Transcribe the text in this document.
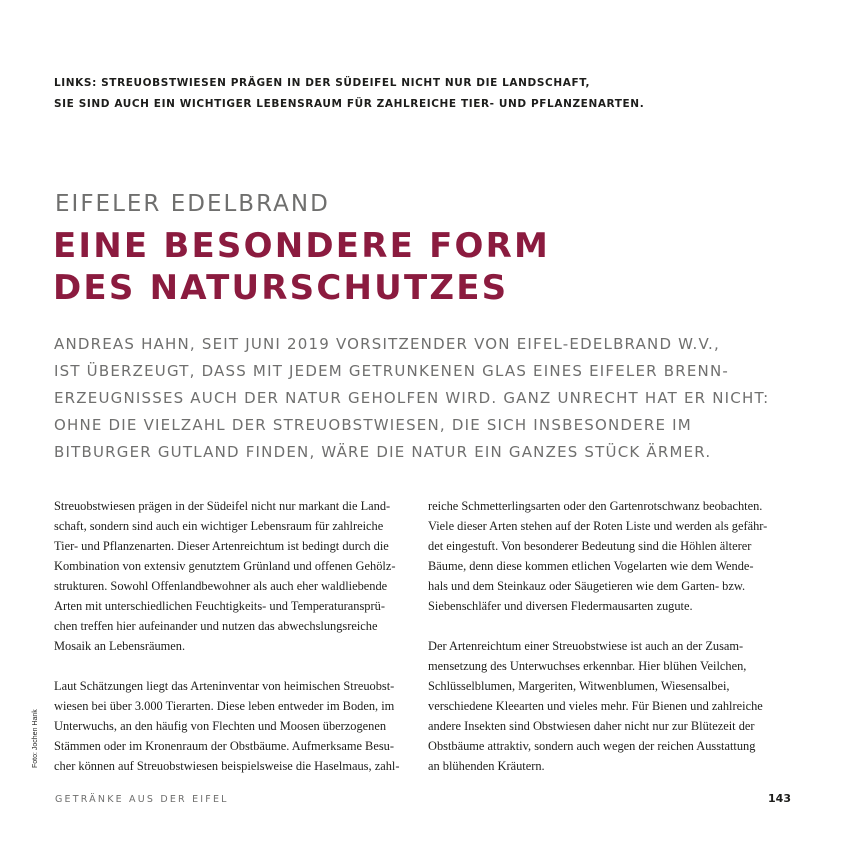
LINKS: STREUOBSTWIESEN PRÄGEN IN DER SÜDEIFEL NICHT NUR DIE LANDSCHAFT,
SIE SIND AUCH EIN WICHTIGER LEBENSRAUM FÜR ZAHLREICHE TIER- UND PFLANZENARTEN.

EIFELER EDELBRAND
EINE BESONDERE FORM
DES NATURSCHUTZES

ANDREAS HAHN, SEIT JUNI 2019 VORSITZENDER VON EIFEL-EDELBRAND W.V.,
IST ÜBERZEUGT, DASS MIT JEDEM GETRUNKENEN GLAS EINES EIFELER BRENN-
ERZEUGNISSES AUCH DER NATUR GEHOLFEN WIRD. GANZ UNRECHT HAT ER NICHT:
OHNE DIE VIELZAHL DER STREUOBSTWIESEN, DIE SICH INSBESONDERE IM
BITBURGER GUTLAND FINDEN, WÄRE DIE NATUR EIN GANZES STÜCK ÄRMER.

Streuobstwiesen prägen in der Südeifel nicht nur markant die Land-
schaft, sondern sind auch ein wichtiger Lebensraum für zahlreiche
Tier- und Pflanzenarten. Dieser Artenreichtum ist bedingt durch die
Kombination von extensiv genutztem Grünland und offenen Gehölz-
strukturen. Sowohl Offenlandbewohner als auch eher waldliebende
Arten mit unterschiedlichen Feuchtigkeits- und Temperaturansprü-
chen treffen hier aufeinander und nutzen das abwechslungsreiche
Mosaik an Lebensräumen.

Laut Schätzungen liegt das Arteninventar von heimischen Streuobst-
wiesen bei über 3.000 Tierarten. Diese leben entweder im Boden, im
Unterwuchs, an den häufig von Flechten und Moosen überzogenen
Stämmen oder im Kronenraum der Obstbäume. Aufmerksame Besu-
cher können auf Streuobstwiesen beispielsweise die Haselmaus, zahl-

reiche Schmetterlingsarten oder den Gartenrotschwanz beobachten.
Viele dieser Arten stehen auf der Roten Liste und werden als gefähr-
det eingestuft. Von besonderer Bedeutung sind die Höhlen älterer
Bäume, denn diese kommen etlichen Vogelarten wie dem Wende-
hals und dem Steinkauz oder Säugetieren wie dem Garten- bzw.
Siebenschläfer und diversen Fledermausarten zugute.

Der Artenreichtum einer Streuobstwiese ist auch an der Zusam-
mensetzung des Unterwuchses erkennbar. Hier blühen Veilchen,
Schlüsselblumen, Margeriten, Witwenblumen, Wiesensalbei,
verschiedene Kleearten und vieles mehr. Für Bienen und zahlreiche
andere Insekten sind Obstwiesen daher nicht nur zur Blütezeit der
Obstbäume attraktiv, sondern auch wegen der reichen Ausstattung
an blühenden Kräutern.

Foto: Jochen Hank
GETRÄNKE AUS DER EIFEL	143
